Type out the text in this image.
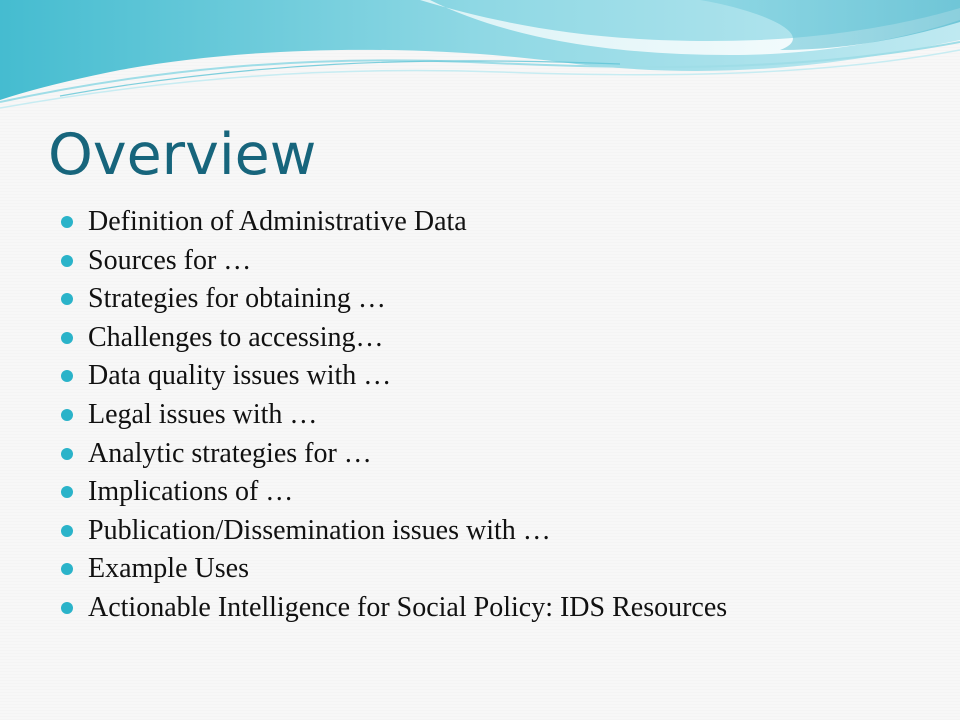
Overview
Definition of Administrative Data
Sources for …
Strategies for obtaining …
Challenges to accessing…
Data quality issues with …
Legal issues with …
Analytic strategies for …
Implications of …
Publication/Dissemination issues with …
Example Uses
Actionable Intelligence for Social Policy: IDS Resources
